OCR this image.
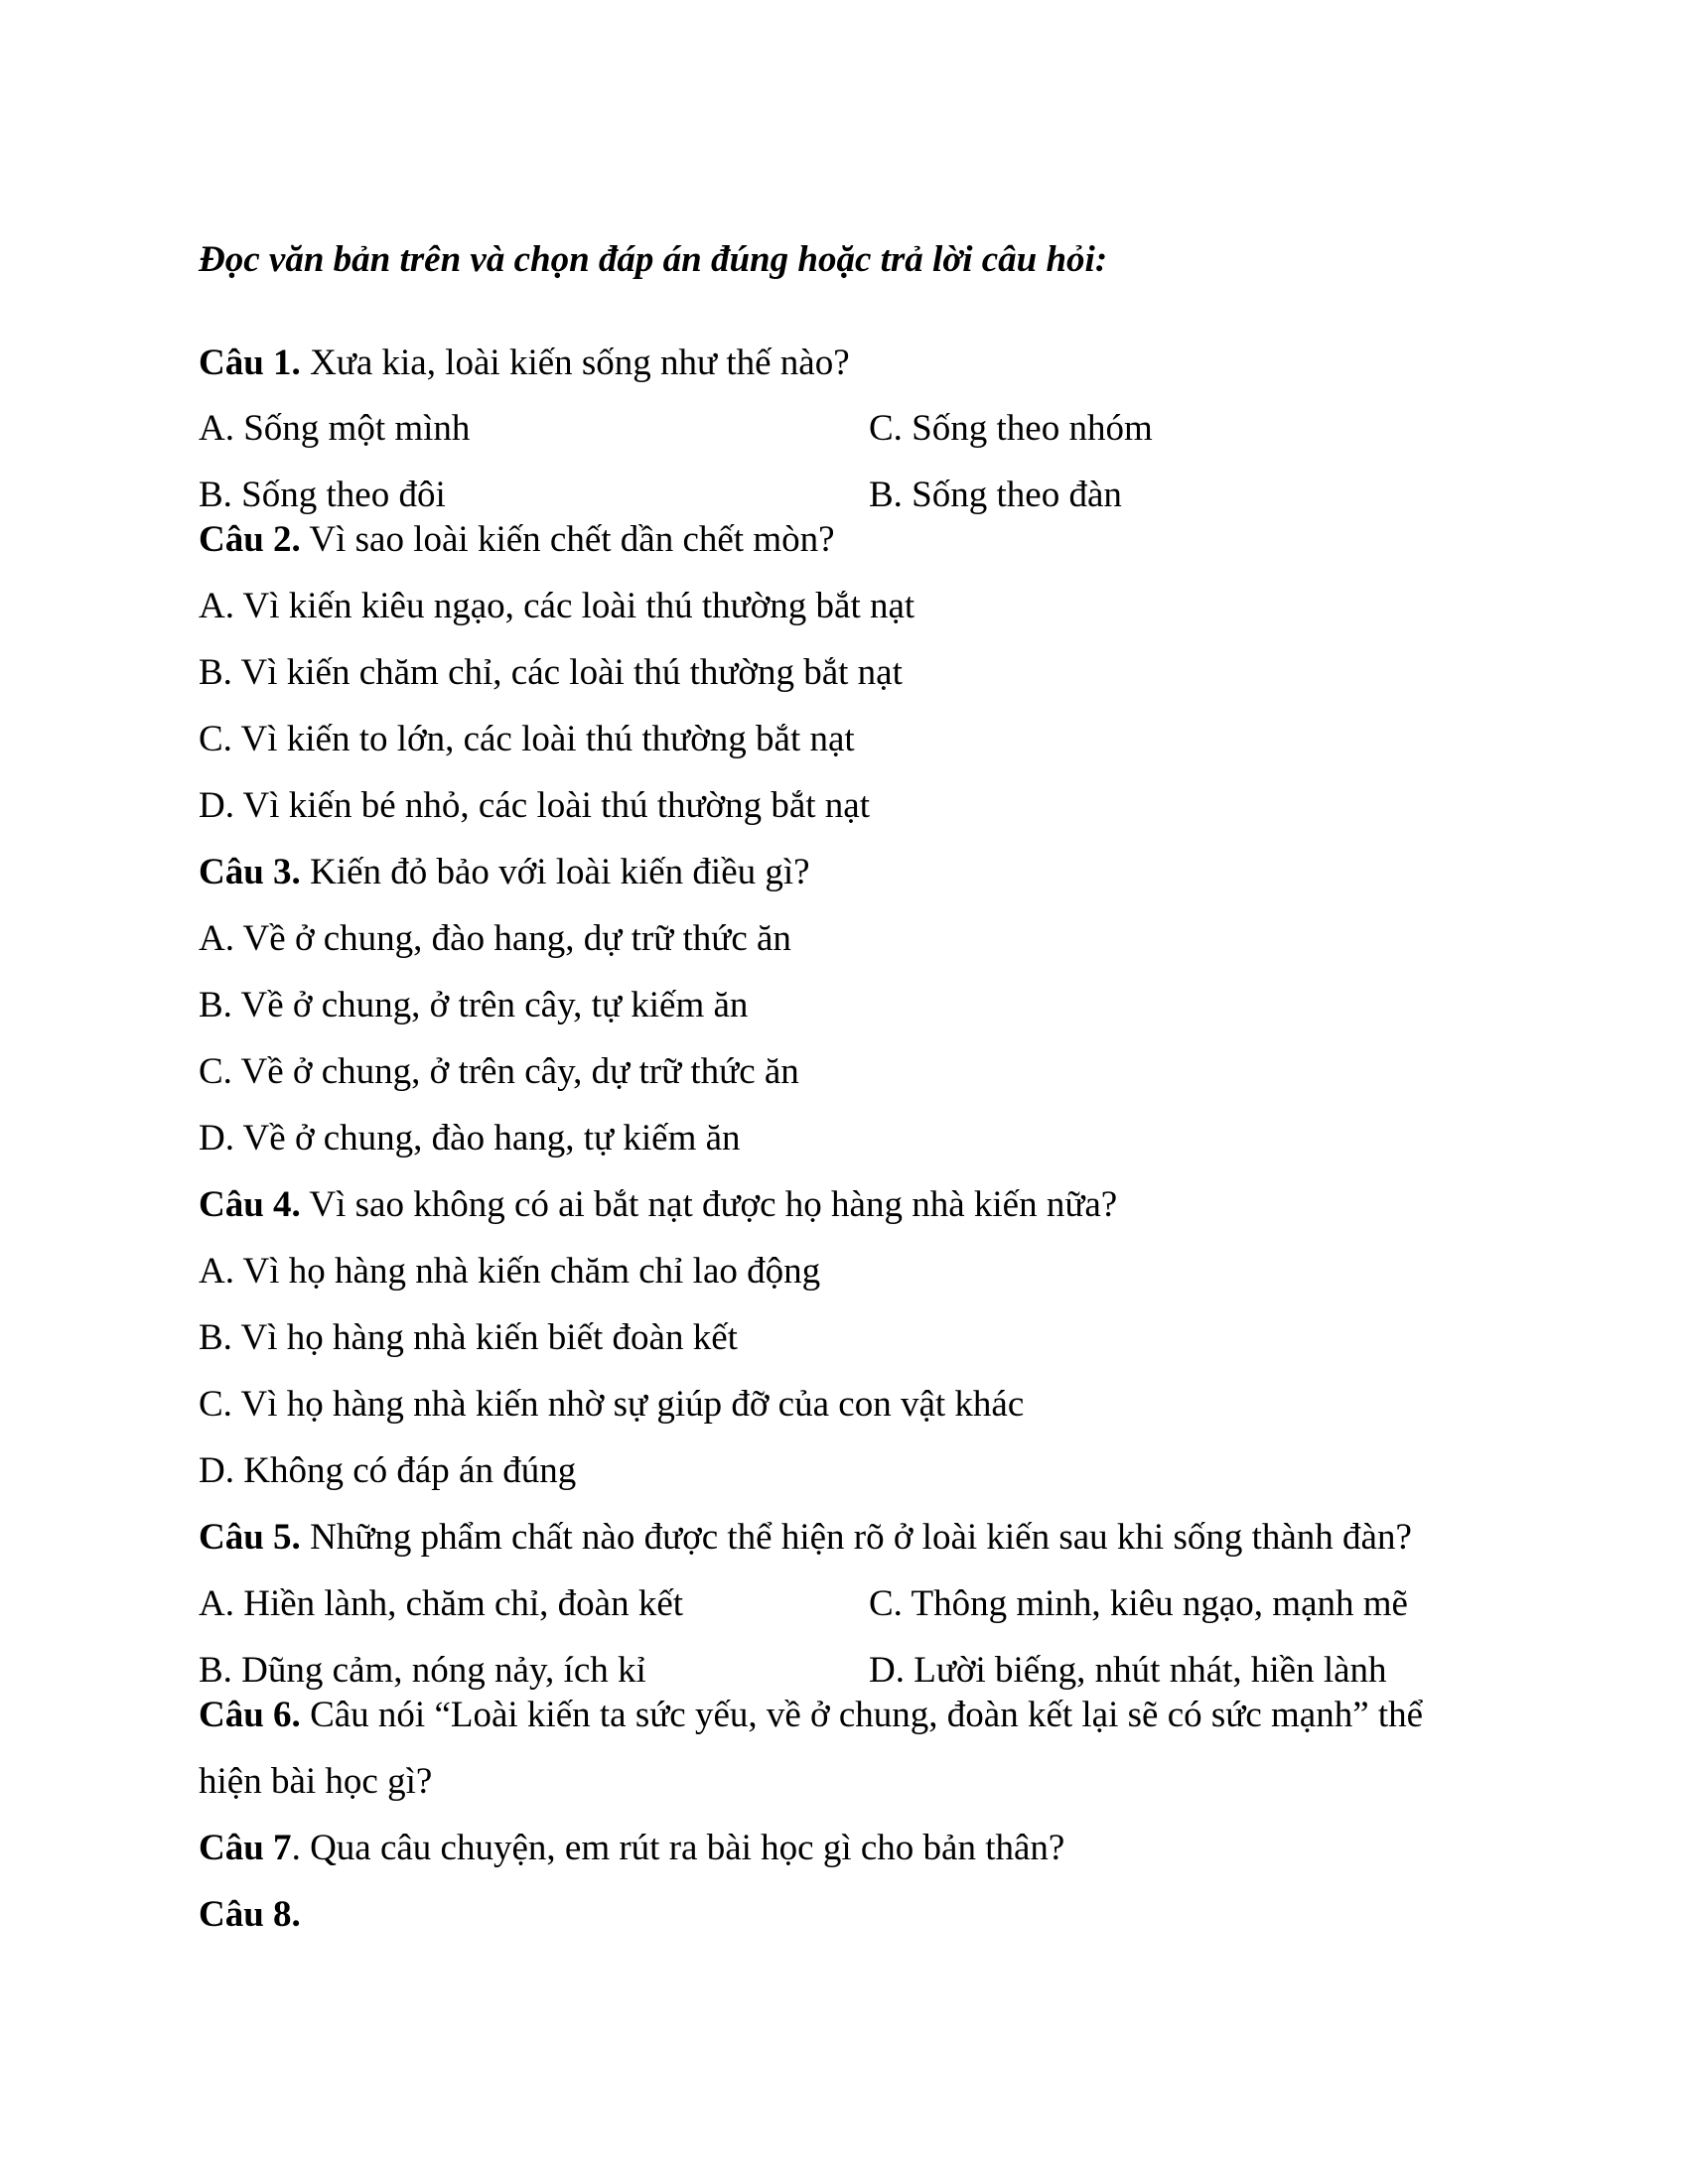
Đọc văn bản trên và chọn đáp án đúng hoặc trả lời câu hỏi:
Câu 1. Xưa kia, loài kiến sống như thế nào?
A. Sống một mình	C. Sống theo nhóm
B. Sống theo đôi	B. Sống theo đàn
Câu 2. Vì sao loài kiến chết dần chết mòn?
A. Vì kiến kiêu ngạo, các loài thú thường bắt nạt
B. Vì kiến chăm chỉ, các loài thú thường bắt nạt
C. Vì kiến to lớn, các loài thú thường bắt nạt
D. Vì kiến bé nhỏ, các loài thú thường bắt nạt
Câu 3. Kiến đỏ bảo với loài kiến điều gì?
A. Về ở chung, đào hang, dự trữ thức ăn
B. Về ở chung, ở trên cây, tự kiếm ăn
C. Về ở chung, ở trên cây, dự trữ thức ăn
D. Về ở chung, đào hang, tự kiếm ăn
Câu 4. Vì sao không có ai bắt nạt được họ hàng nhà kiến nữa?
A. Vì họ hàng nhà kiến chăm chỉ lao động
B. Vì họ hàng nhà kiến biết đoàn kết
C. Vì họ hàng nhà kiến nhờ sự giúp đỡ của con vật khác
D. Không có đáp án đúng
Câu 5. Những phẩm chất nào được thể hiện rõ ở loài kiến sau khi sống thành đàn?
A. Hiền lành, chăm chỉ, đoàn kết	C. Thông minh, kiêu ngạo, mạnh mẽ
B. Dũng cảm, nóng nảy, ích kỉ	D. Lười biếng, nhút nhát, hiền lành
Câu 6. Câu nói “Loài kiến ta sức yếu, về ở chung, đoàn kết lại sẽ có sức mạnh” thể
hiện bài học gì?
Câu 7. Qua câu chuyện, em rút ra bài học gì cho bản thân?
Câu 8.
